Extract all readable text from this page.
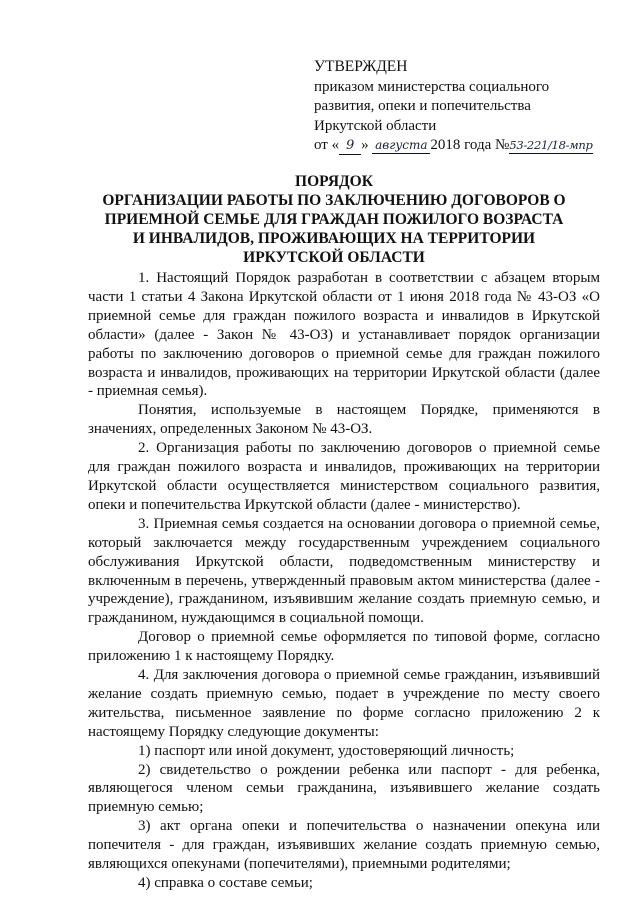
УТВЕРЖДЕН
приказом министерства социального
развития, опеки и попечительства
Иркутской области
от « 9 » августа 2018 года №53-221/18-мпр
ПОРЯДОК
ОРГАНИЗАЦИИ РАБОТЫ ПО ЗАКЛЮЧЕНИЮ ДОГОВОРОВ О
ПРИЕМНОЙ СЕМЬЕ ДЛЯ ГРАЖДАН ПОЖИЛОГО ВОЗРАСТА
И ИНВАЛИДОВ, ПРОЖИВАЮЩИХ НА ТЕРРИТОРИИ
ИРКУТСКОЙ ОБЛАСТИ

1. Настоящий Порядок разработан в соответствии с абзацем вторым части 1 статьи 4 Закона Иркутской области от 1 июня 2018 года № 43-ОЗ «О приемной семье для граждан пожилого возраста и инвалидов в Иркутской области» (далее - Закон № 43-ОЗ) и устанавливает порядок организации работы по заключению договоров о приемной семье для граждан пожилого возраста и инвалидов, проживающих на территории Иркутской области (далее - приемная семья).

Понятия, используемые в настоящем Порядке, применяются в значениях, определенных Законом № 43-ОЗ.

2. Организация работы по заключению договоров о приемной семье для граждан пожилого возраста и инвалидов, проживающих на территории Иркутской области осуществляется министерством социального развития, опеки и попечительства Иркутской области (далее - министерство).

3. Приемная семья создается на основании договора о приемной семье, который заключается между государственным учреждением социального обслуживания Иркутской области, подведомственным министерству и включенным в перечень, утвержденный правовым актом министерства (далее - учреждение), гражданином, изъявившим желание создать приемную семью, и гражданином, нуждающимся в социальной помощи.

Договор о приемной семье оформляется по типовой форме, согласно приложению 1 к настоящему Порядку.

4. Для заключения договора о приемной семье гражданин, изъявивший желание создать приемную семью, подает в учреждение по месту своего жительства, письменное заявление по форме согласно приложению 2 к настоящему Порядку следующие документы:

1) паспорт или иной документ, удостоверяющий личность;

2) свидетельство о рождении ребенка или паспорт - для ребенка, являющегося членом семьи гражданина, изъявившего желание создать приемную семью;

3) акт органа опеки и попечительства о назначении опекуна или попечителя - для граждан, изъявивших желание создать приемную семью, являющихся опекунами (попечителями), приемными родителями;

4) справка о составе семьи;
